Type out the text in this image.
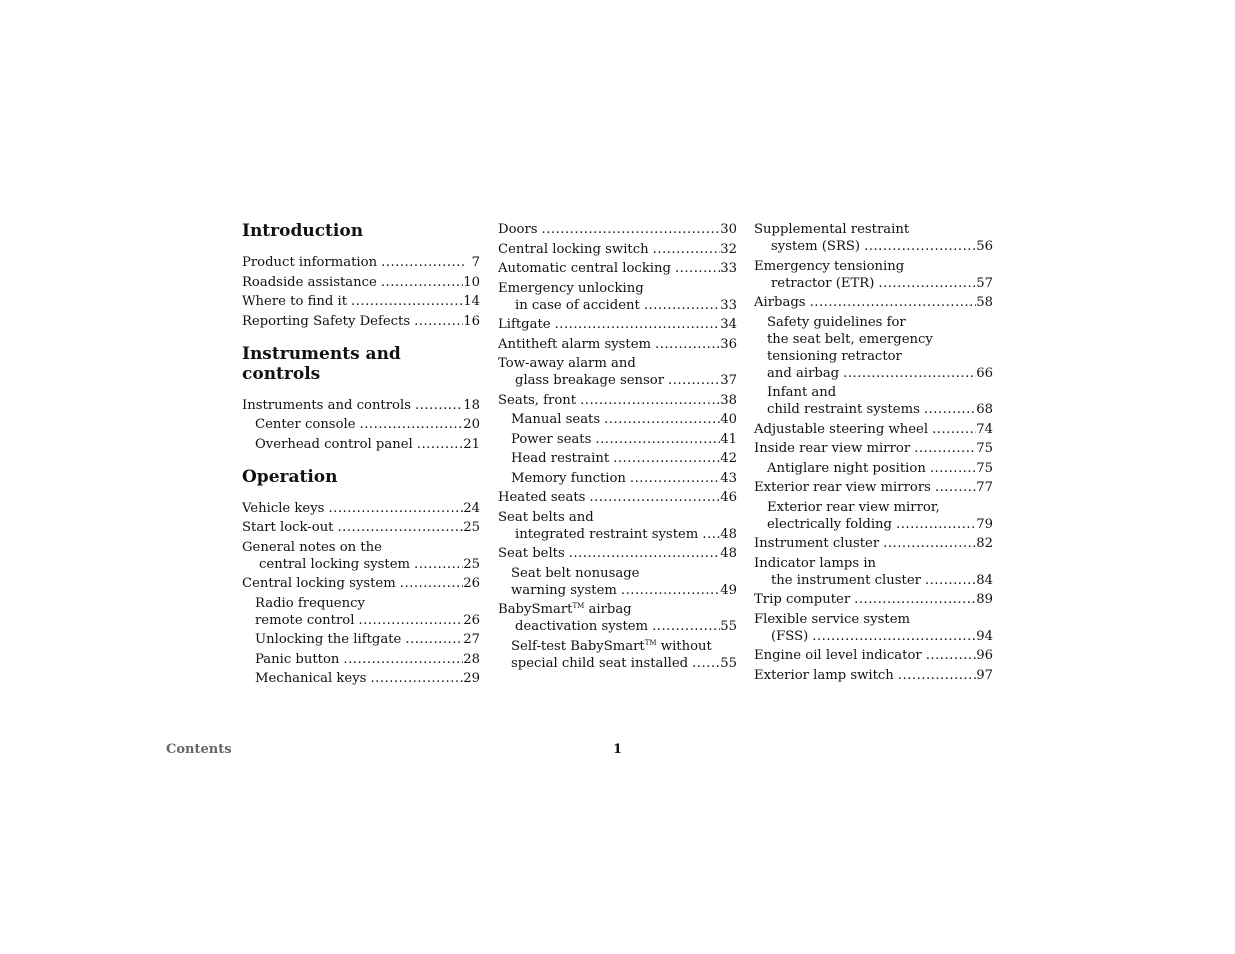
Introduction
Product information .....	7
Roadside assistance .....	10
Where to find it .....	14
Reporting Safety Defects .....	16
Instruments and controls
Instruments and controls .....	18
Center console .....	20
Overhead control panel .....	21
Operation
Vehicle keys .....	24
Start lock-out .....	25
General notes on the
central locking system .....	25
Central locking system .....	26
Radio frequency
remote control .....	26
Unlocking the liftgate .....	27
Panic button .....	28
Mechanical keys .....	29
Doors .....	30
Central locking switch .....	32
Automatic central locking .....	33
Emergency unlocking
in case of accident .....	33
Liftgate .....	34
Antitheft alarm system .....	36
Tow-away alarm and
glass breakage sensor .....	37
Seats, front .....	38
Manual seats .....	40
Power seats .....	41
Head restraint .....	42
Memory function .....	43
Heated seats .....	46
Seat belts and
integrated restraint system .....	48
Seat belts .....	48
Seat belt nonusage
warning system .....	49
BabySmart™ airbag
deactivation system .....	55
Self-test BabySmart™ without
special child seat installed .....	55
Supplemental restraint
system (SRS) .....	56
Emergency tensioning
retractor (ETR) .....	57
Airbags .....	58
Safety guidelines for
the seat belt, emergency
tensioning retractor
and airbag .....	66
Infant and
child restraint systems .....	68
Adjustable steering wheel .....	74
Inside rear view mirror .....	75
Antiglare night position .....	75
Exterior rear view mirrors .....	77
Exterior rear view mirror,
electrically folding .....	79
Instrument cluster .....	82
Indicator lamps in
the instrument cluster .....	84
Trip computer .....	89
Flexible service system
(FSS) .....	94
Engine oil level indicator .....	96
Exterior lamp switch .....	97
Contents	1
